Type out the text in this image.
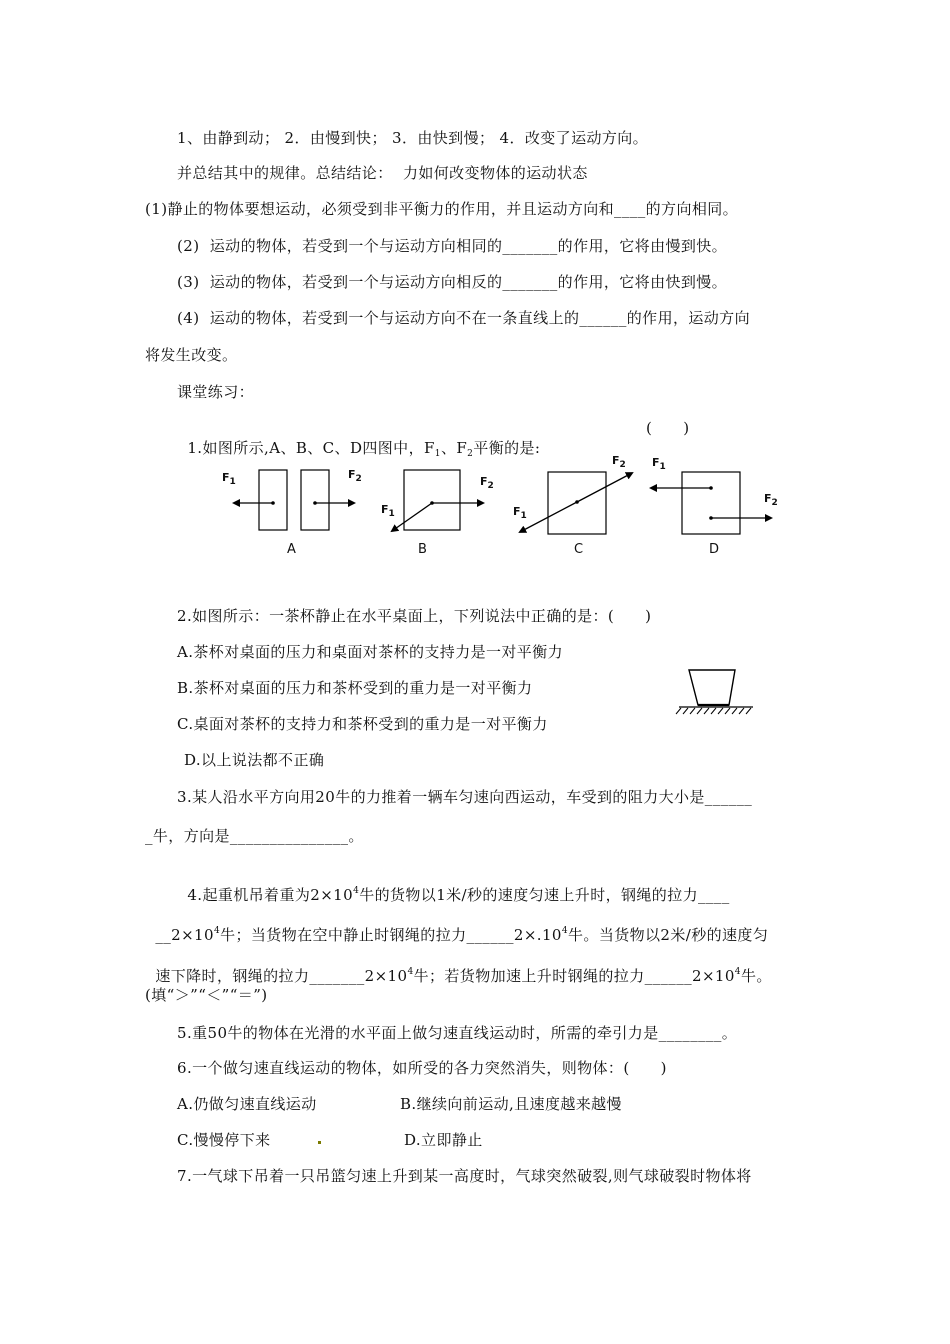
1、由静到动； 2．由慢到快； 3．由快到慢； 4．改变了运动方向。
并总结其中的规律。总结结论：  力如何改变物体的运动状态
(1)静止的物体要想运动，必须受到非平衡力的作用，并且运动方向和____的方向相同。
(2)  运动的物体，若受到一个与运动方向相同的_______的作用，它将由慢到快。
(3)  运动的物体，若受到一个与运动方向相反的_______的作用，它将由快到慢。
(4)  运动的物体，若受到一个与运动方向不在一条直线上的______的作用，运动方向
将发生改变。
课堂练习：

1.如图所示,A、B、C、D四图中，$F_1$、$F_2$平衡的是:

(      )
$F_1$
$F_2$
$F_1$
$F_2$
$F_1$
$F_2$ $F_1$
$F_2$
A	B	C	D
2.如图所示：一茶杯静止在水平桌面上，下列说法中正确的是：(      )
A.茶杯对桌面的压力和桌面对茶杯的支持力是一对平衡力
B.茶杯对桌面的压力和茶杯受到的重力是一对平衡力
C.桌面对茶杯的支持力和茶杯受到的重力是一对平衡力
D.以上说法都不正确
3.某人沿水平方向用20牛的力推着一辆车匀速向西运动，车受到的阻力大小是______
_牛，方向是_______________。

4.起重机吊着重为$2\times 10^4$牛的货物以1米/秒的速度匀速上升时，钢绳的拉力____

$\_\_2\times 10^4$牛；当货物在空中静止时钢绳的拉力$\_\_\_\_\_\_2\times.10^4$牛。当货物以2米/秒的速度匀

速下降时，钢绳的拉力$\_\_\_\_\_\_\_2\times 10^4$牛；若货物加速上升时钢绳的拉力$\_\_\_\_\_\_2\times 10^4$牛。

(填“＞”“＜”“＝”)
5.重50牛的物体在光滑的水平面上做匀速直线运动时，所需的牵引力是________。
6.一个做匀速直线运动的物体，如所受的各力突然消失，则物体：(      )
A.仍做匀速直线运动	B.继续向前运动,且速度越来越慢
C.慢慢停下来	D.立即静止
7.一气球下吊着一只吊篮匀速上升到某一高度时，气球突然破裂,则气球破裂时物体将
